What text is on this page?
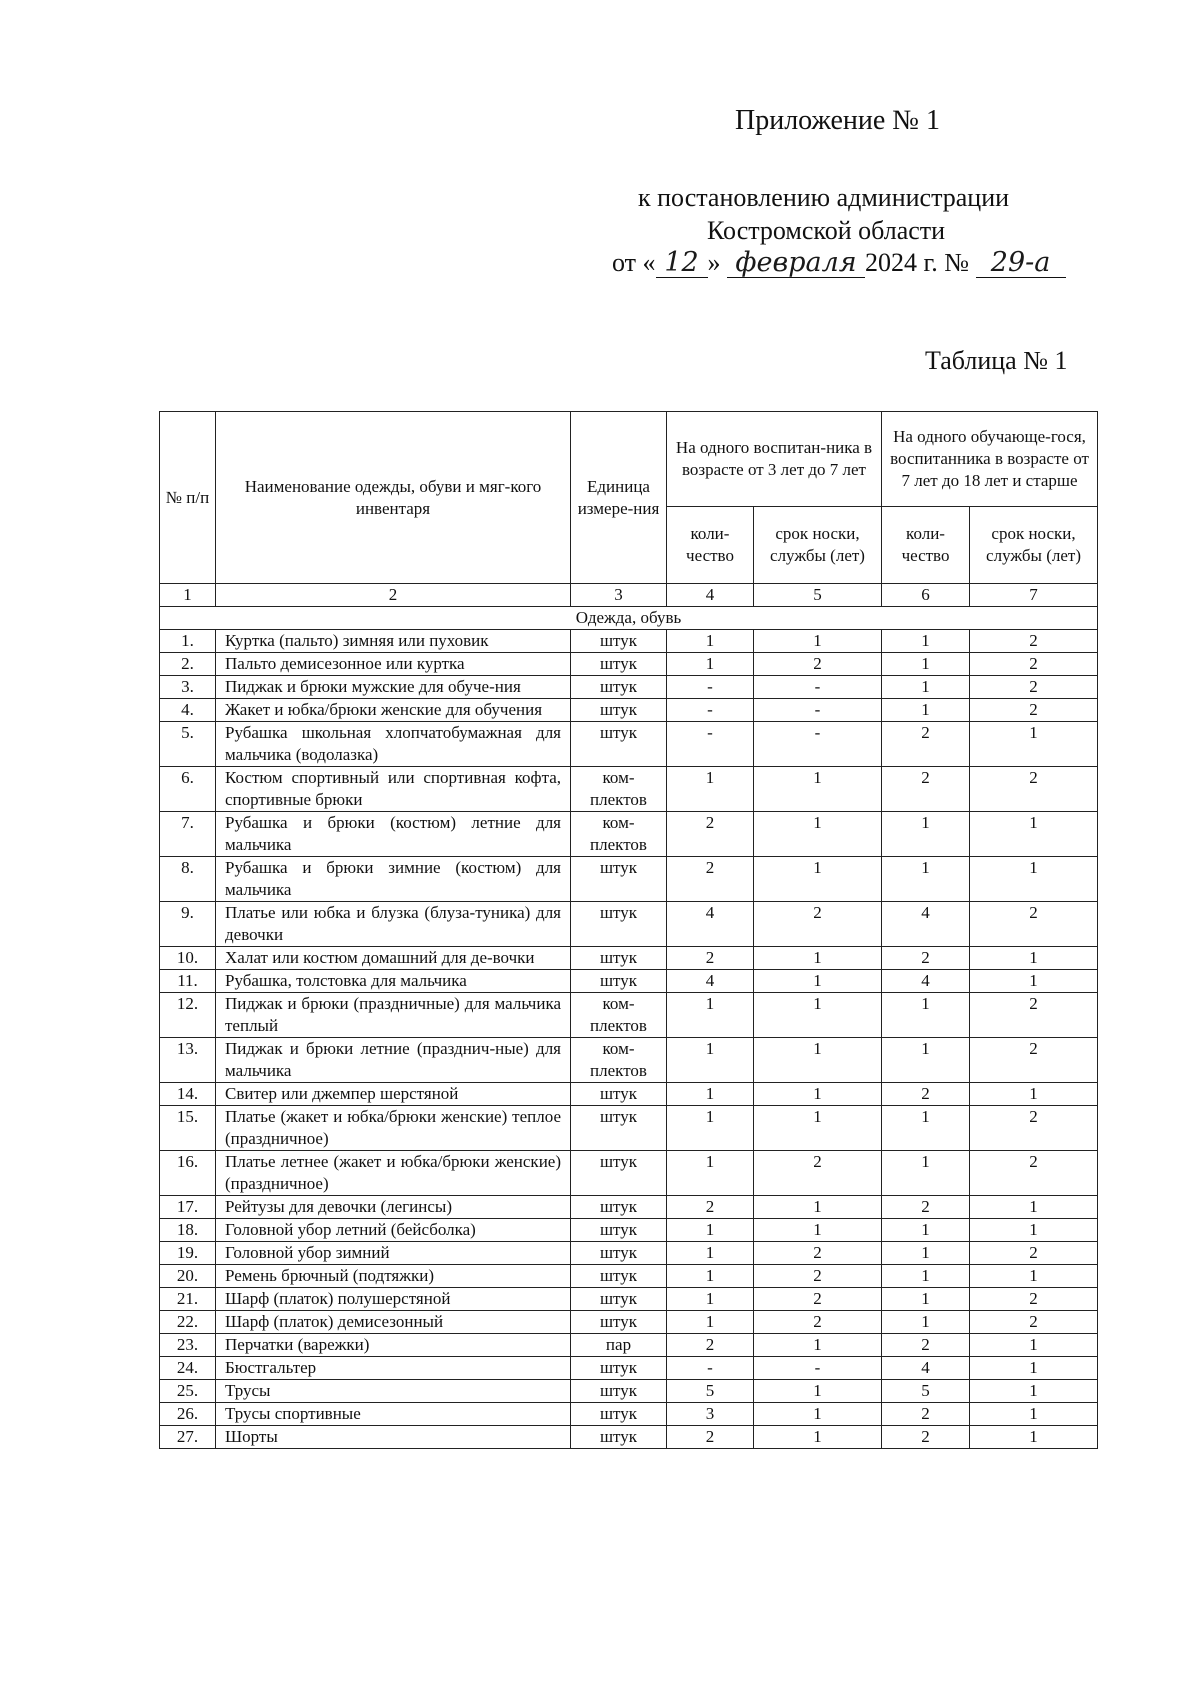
Приложение № 1
к постановлению администрации
Костромской области
от « 12 » февраля 2024 г. № 29-а
Таблица № 1
№ п/п	Наименование одежды, обуви и мяг-кого инвентаря	Единица измере-ния	На одного воспитан-ника в возрасте от 3 лет до 7 лет		На одного обучающе-гося, воспитанника в возрасте от 7 лет до 18 лет и старше	
			коли-чество	срок носки, службы (лет)	коли-чество	срок носки, службы (лет)
1	2	3	4	5	6	7
Одежда, обувь						
1.	Куртка (пальто) зимняя или пуховик	штук	1	1	1	2
2.	Пальто демисезонное или куртка	штук	1	2	1	2
3.	Пиджак и брюки мужские для обуче-ния	штук	-	-	1	2
4.	Жакет и юбка/брюки женские для обучения	штук	-	-	1	2
5.	Рубашка школьная хлопчатобумажная для мальчика (водолазка)	штук	-	-	2	1
6.	Костюм спортивный или спортивная кофта, спортивные брюки	ком-плектов	1	1	2	2
7.	Рубашка и брюки (костюм) летние для мальчика	ком-плектов	2	1	1	1
8.	Рубашка и брюки зимние (костюм) для мальчика	штук	2	1	1	1
9.	Платье или юбка и блузка (блуза-туника) для девочки	штук	4	2	4	2
10.	Халат или костюм домашний для де-вочки	штук	2	1	2	1
11.	Рубашка, толстовка для мальчика	штук	4	1	4	1
12.	Пиджак и брюки (праздничные) для мальчика теплый	ком-плектов	1	1	1	2
13.	Пиджак и брюки летние (празднич-ные) для мальчика	ком-плектов	1	1	1	2
14.	Свитер или джемпер шерстяной	штук	1	1	2	1
15.	Платье (жакет и юбка/брюки женские) теплое (праздничное)	штук	1	1	1	2
16.	Платье летнее (жакет и юбка/брюки женские) (праздничное)	штук	1	2	1	2
17.	Рейтузы для девочки (легинсы)	штук	2	1	2	1
18.	Головной убор летний (бейсболка)	штук	1	1	1	1
19.	Головной убор зимний	штук	1	2	1	2
20.	Ремень брючный (подтяжки)	штук	1	2	1	1
21.	Шарф (платок) полушерстяной	штук	1	2	1	2
22.	Шарф (платок) демисезонный	штук	1	2	1	2
23.	Перчатки (варежки)	пар	2	1	2	1
24.	Бюстгальтер	штук	-	-	4	1
25.	Трусы	штук	5	1	5	1
26.	Трусы спортивные	штук	3	1	2	1
27.	Шорты	штук	2	1	2	1
